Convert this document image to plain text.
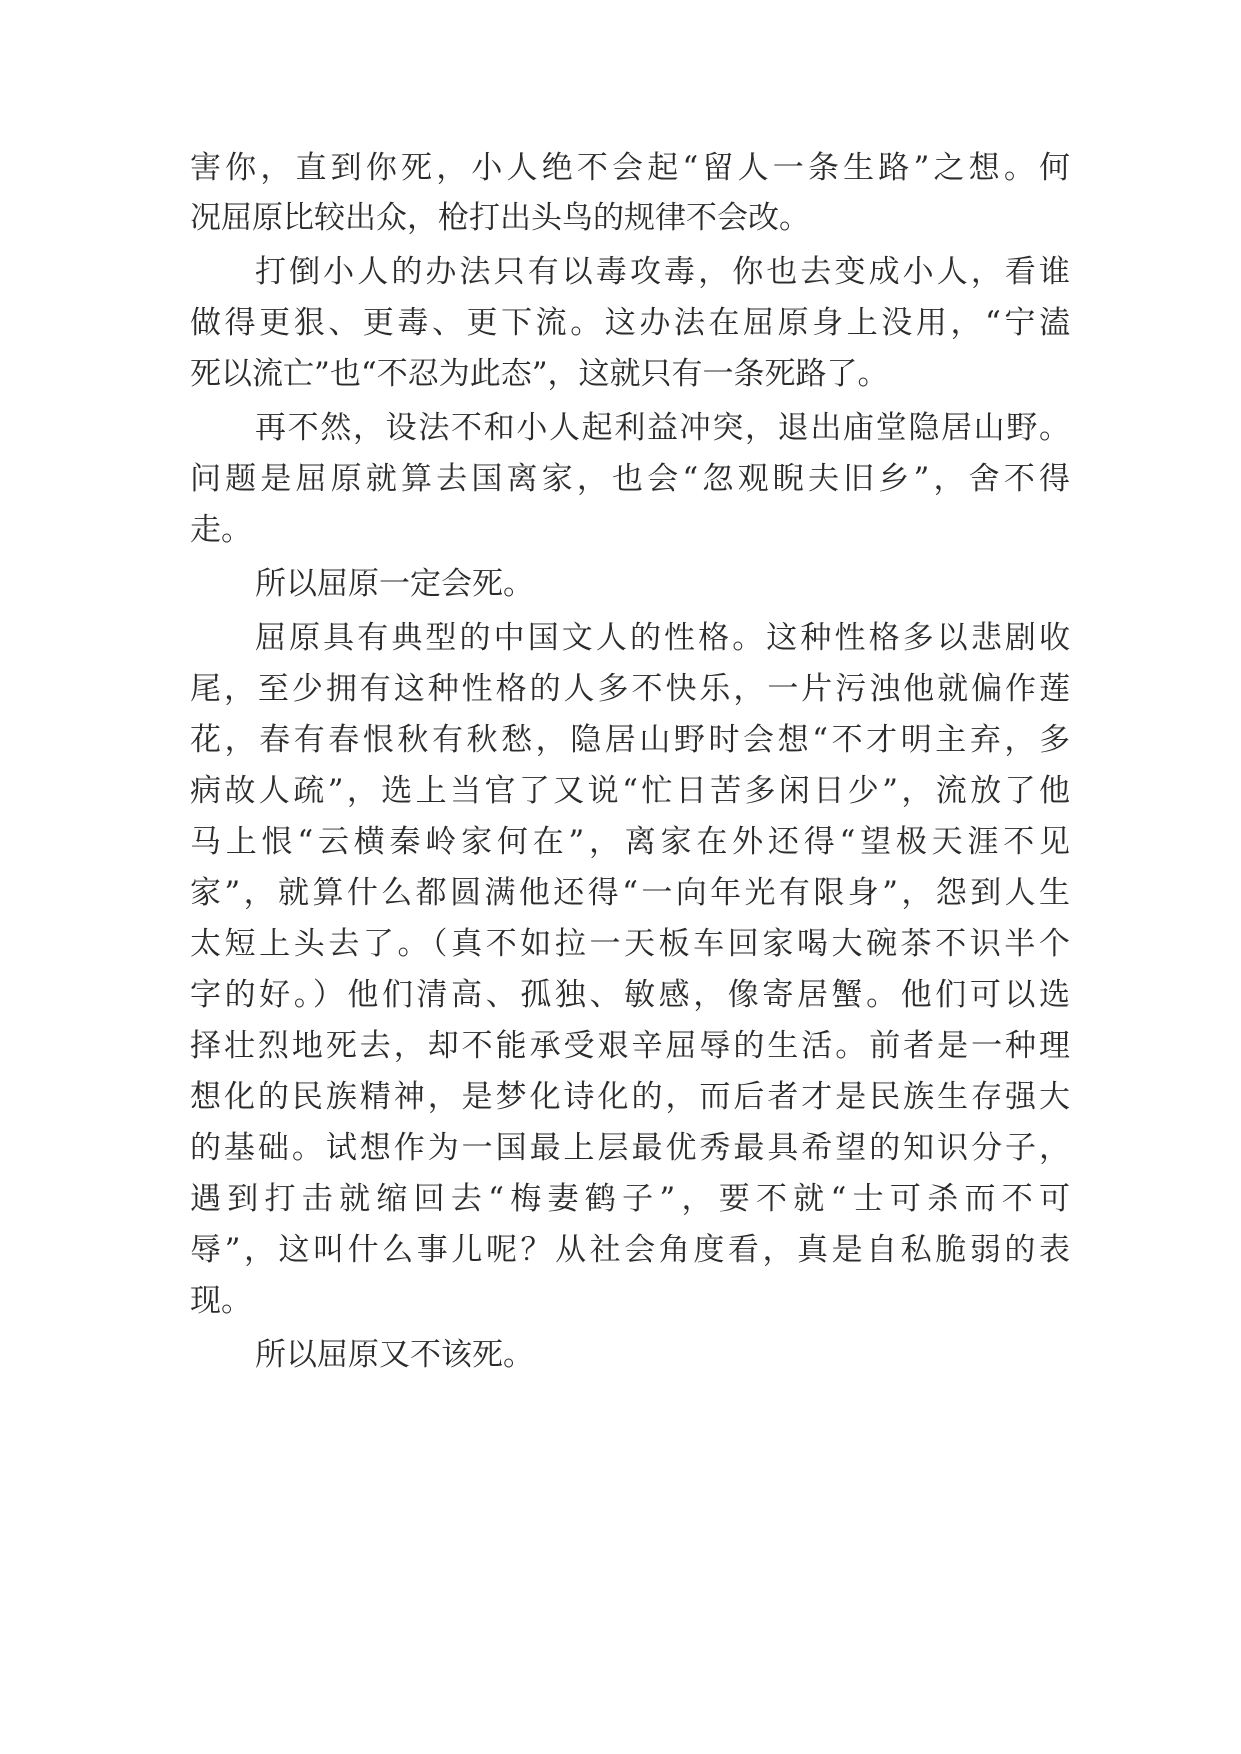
害你，直到你死，小人绝不会起“留人一条生路”之想。何
况屈原比较出众，枪打出头鸟的规律不会改。
打倒小人的办法只有以毒攻毒，你也去变成小人，看谁
做得更狠、更毒、更下流。这办法在屈原身上没用，“宁溘
死以流亡”也“不忍为此态”，这就只有一条死路了。
再不然，设法不和小人起利益冲突，退出庙堂隐居山野。
问题是屈原就算去国离家，也会“忽观睨夫旧乡”，舍不得
走。
所以屈原一定会死。
屈原具有典型的中国文人的性格。这种性格多以悲剧收
尾，至少拥有这种性格的人多不快乐，一片污浊他就偏作莲
花，春有春恨秋有秋愁，隐居山野时会想“不才明主弃，多
病故人疏”，选上当官了又说“忙日苦多闲日少”，流放了他
马上恨“云横秦岭家何在”，离家在外还得“望极天涯不见
家”，就算什么都圆满他还得“一向年光有限身”，怨到人生
太短上头去了。（真不如拉一天板车回家喝大碗茶不识半个
字的好。）他们清高、孤独、敏感，像寄居蟹。他们可以选
择壮烈地死去，却不能承受艰辛屈辱的生活。前者是一种理
想化的民族精神，是梦化诗化的，而后者才是民族生存强大
的基础。试想作为一国最上层最优秀最具希望的知识分子，
遇到打击就缩回去“梅妻鹤子”，要不就“士可杀而不可
辱”，这叫什么事儿呢？从社会角度看，真是自私脆弱的表
现。
所以屈原又不该死。
